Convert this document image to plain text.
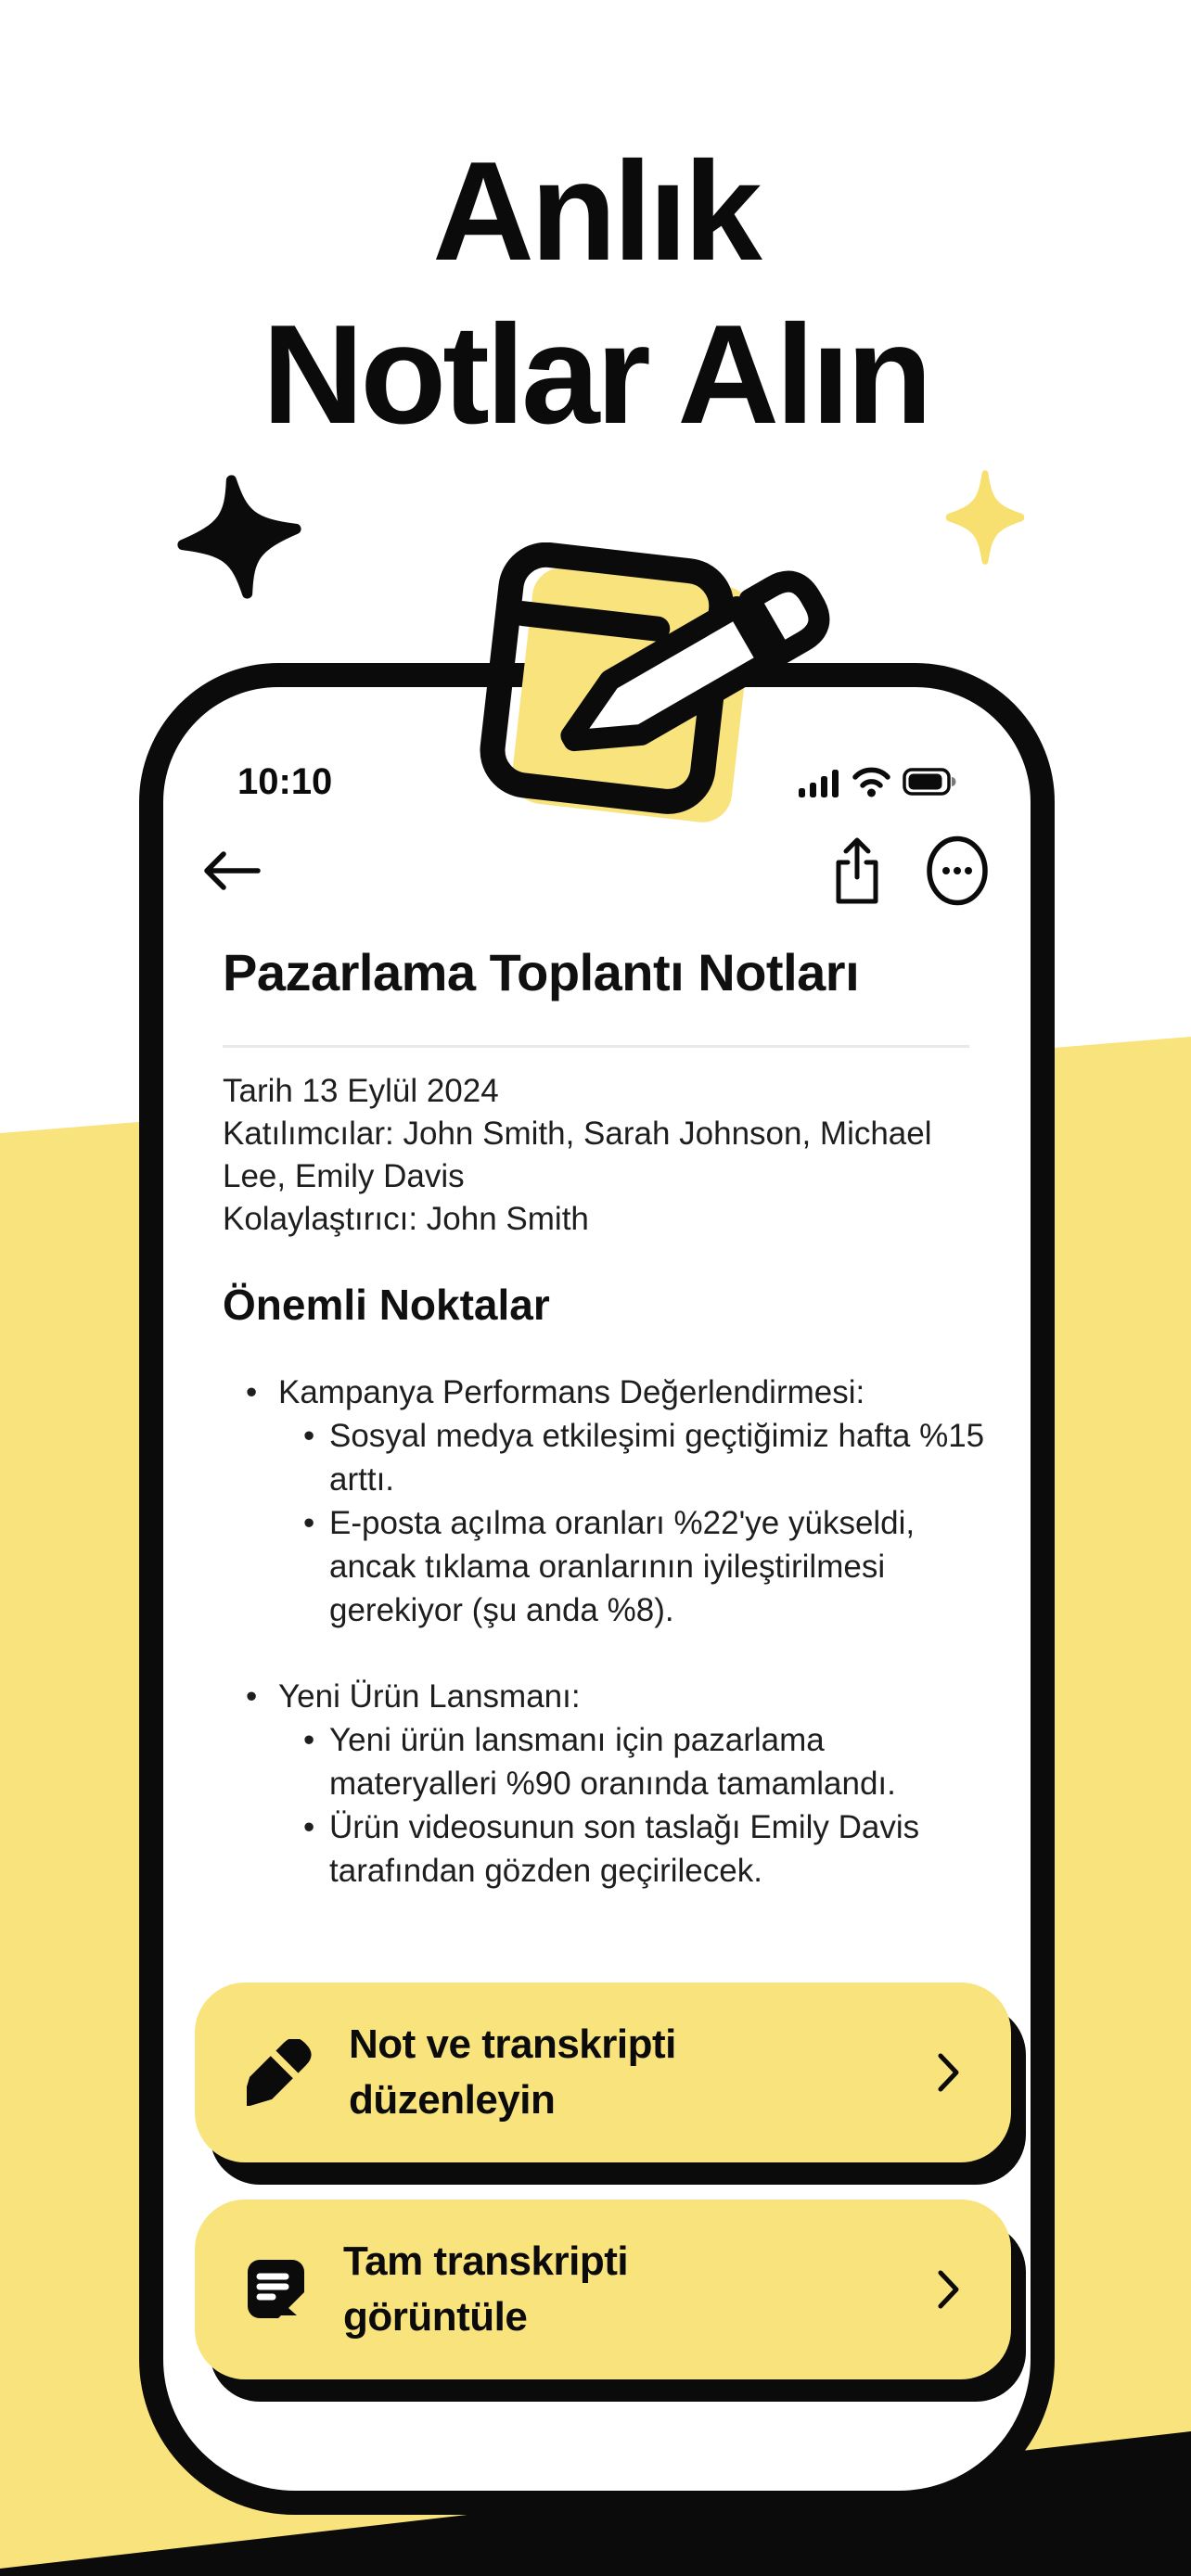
Anlık
Notlar Alın
10:10
Pazarlama Toplantı Notları
Tarih 13 Eylül 2024
Katılımcılar: John Smith, Sarah Johnson, Michael Lee, Emily Davis
Kolaylaştırıcı: John Smith
Önemli Noktalar
• Kampanya Performans Değerlendirmesi:
• Sosyal medya etkileşimi geçtiğimiz hafta %15 arttı.
• E-posta açılma oranları %22'ye yükseldi, ancak tıklama oranlarının iyileştirilmesi gerekiyor (şu anda %8).
• Yeni Ürün Lansmanı:
• Yeni ürün lansmanı için pazarlama materyalleri %90 oranında tamamlandı.
• Ürün videosunun son taslağı Emily Davis tarafından gözden geçirilecek.
Not ve transkripti düzenleyin
Tam transkripti görüntüle
